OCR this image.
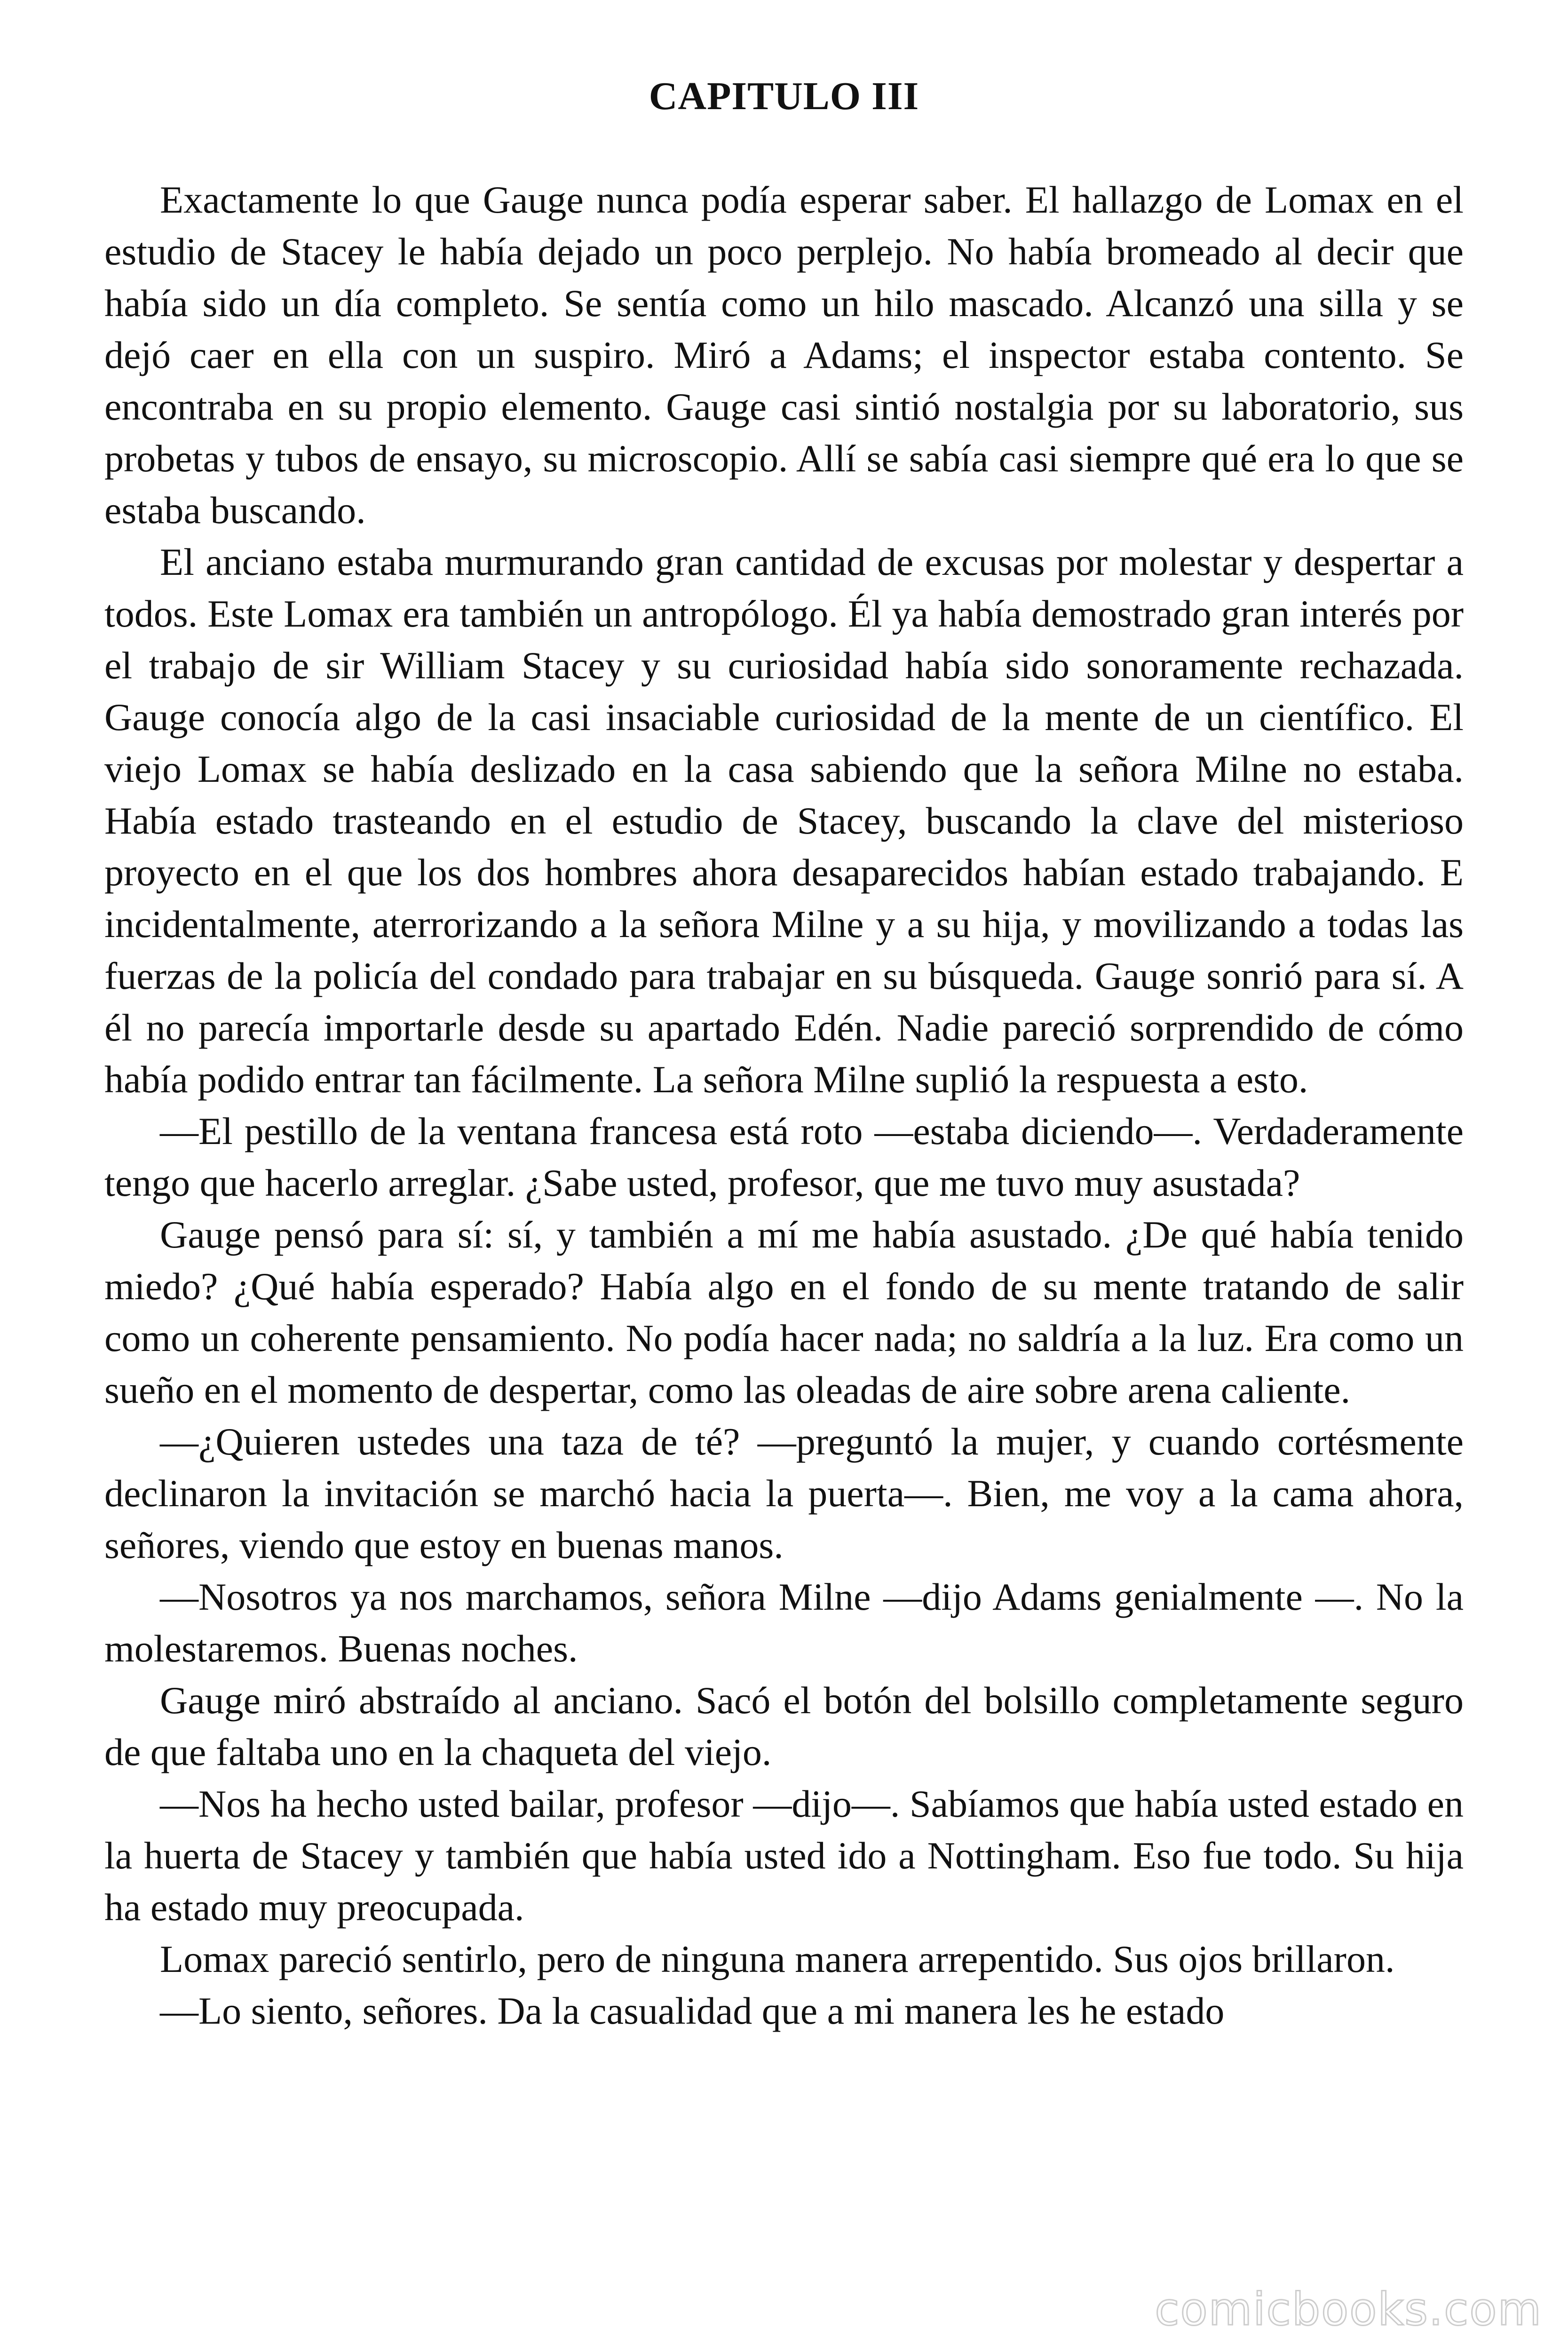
CAPITULO III

Exactamente lo que Gauge nunca podía esperar saber. El hallazgo de Lomax en el estudio de Stacey le había dejado un poco perplejo. No había bromeado al decir que había sido un día completo. Se sentía como un hilo mascado. Alcanzó una silla y se dejó caer en ella con un suspiro. Miró a Adams; el inspector estaba contento. Se encontraba en su propio elemento. Gauge casi sintió nostalgia por su laboratorio, sus probetas y tubos de ensayo, su microscopio. Allí se sabía casi siempre qué era lo que se estaba buscando.

El anciano estaba murmurando gran cantidad de excusas por molestar y despertar a todos. Este Lomax era también un antropólogo. Él ya había demostrado gran interés por el trabajo de sir William Stacey y su curiosidad había sido sonoramente rechazada. Gauge conocía algo de la casi insaciable curiosidad de la mente de un científico. El viejo Lomax se había deslizado en la casa sabiendo que la señora Milne no estaba. Había estado trasteando en el estudio de Stacey, buscando la clave del misterioso proyecto en el que los dos hombres ahora desaparecidos habían estado trabajando. E incidentalmente, aterrorizando a la señora Milne y a su hija, y movilizando a todas las fuerzas de la policía del condado para trabajar en su búsqueda. Gauge sonrió para sí. A él no parecía importarle desde su apartado Edén. Nadie pareció sorprendido de cómo había podido entrar tan fácilmente. La señora Milne suplió la respuesta a esto.

—El pestillo de la ventana francesa está roto —estaba diciendo—. Verdaderamente tengo que hacerlo arreglar. ¿Sabe usted, profesor, que me tuvo muy asustada?

Gauge pensó para sí: sí, y también a mí me había asustado. ¿De qué había tenido miedo? ¿Qué había esperado? Había algo en el fondo de su mente tratando de salir como un coherente pensamiento. No podía hacer nada; no saldría a la luz. Era como un sueño en el momento de despertar, como las oleadas de aire sobre arena caliente.

—¿Quieren ustedes una taza de té? —preguntó la mujer, y cuando cortésmente declinaron la invitación se marchó hacia la puerta—. Bien, me voy a la cama ahora, señores, viendo que estoy en buenas manos.

—Nosotros ya nos marchamos, señora Milne —dijo Adams genialmente —. No la molestaremos. Buenas noches.

Gauge miró abstraído al anciano. Sacó el botón del bolsillo completamente seguro de que faltaba uno en la chaqueta del viejo.

—Nos ha hecho usted bailar, profesor —dijo—. Sabíamos que había usted estado en la huerta de Stacey y también que había usted ido a Nottingham. Eso fue todo. Su hija ha estado muy preocupada.

Lomax pareció sentirlo, pero de ninguna manera arrepentido. Sus ojos brillaron.

—Lo siento, señores. Da la casualidad que a mi manera les he estado

comicbooks.com
